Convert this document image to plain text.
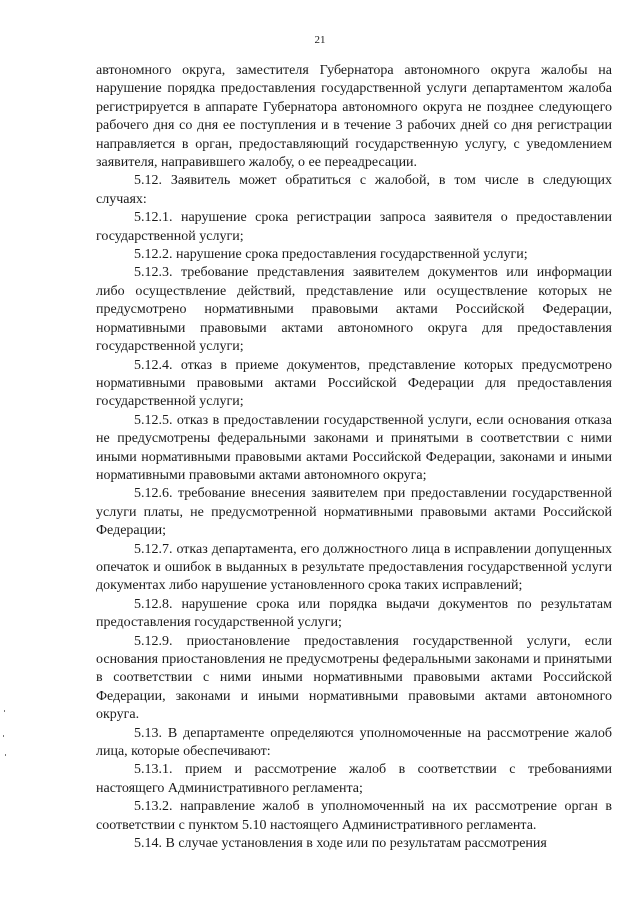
21

автономного округа, заместителя Губернатора автономного округа жалобы на нарушение порядка предоставления государственной услуги департаментом жалоба регистрируется в аппарате Губернатора автономного округа не позднее следующего рабочего дня со дня ее поступления и в течение 3 рабочих дней со дня регистрации направляется в орган, предоставляющий государственную услугу, с уведомлением заявителя, направившего жалобу, о ее переадресации.

5.12. Заявитель может обратиться с жалобой, в том числе в следующих случаях:

5.12.1. нарушение срока регистрации запроса заявителя о предоставлении государственной услуги;

5.12.2. нарушение срока предоставления государственной услуги;

5.12.3. требование представления заявителем документов или информации либо осуществление действий, представление или осуществление которых не предусмотрено нормативными правовыми актами Российской Федерации, нормативными правовыми актами автономного округа для предоставления государственной услуги;

5.12.4. отказ в приеме документов, представление которых предусмотрено нормативными правовыми актами Российской Федерации для предоставления государственной услуги;

5.12.5. отказ в предоставлении государственной услуги, если основания отказа не предусмотрены федеральными законами и принятыми в соответствии с ними иными нормативными правовыми актами Российской Федерации, законами и иными нормативными правовыми актами автономного округа;

5.12.6. требование внесения заявителем при предоставлении государственной услуги платы, не предусмотренной нормативными правовыми актами Российской Федерации;

5.12.7. отказ департамента, его должностного лица в исправлении допущенных опечаток и ошибок в выданных в результате предоставления государственной услуги документах либо нарушение установленного срока таких исправлений;

5.12.8. нарушение срока или порядка выдачи документов по результатам предоставления государственной услуги;

5.12.9. приостановление предоставления государственной услуги, если основания приостановления не предусмотрены федеральными законами и принятыми в соответствии с ними иными нормативными правовыми актами Российской Федерации, законами и иными нормативными правовыми актами автономного округа.

5.13. В департаменте определяются уполномоченные на рассмотрение жалоб лица, которые обеспечивают:

5.13.1. прием и рассмотрение жалоб в соответствии с требованиями настоящего Административного регламента;

5.13.2. направление жалоб в уполномоченный на их рассмотрение орган в соответствии с пунктом 5.10 настоящего Административного регламента.

5.14. В случае установления в ходе или по результатам рассмотрения
